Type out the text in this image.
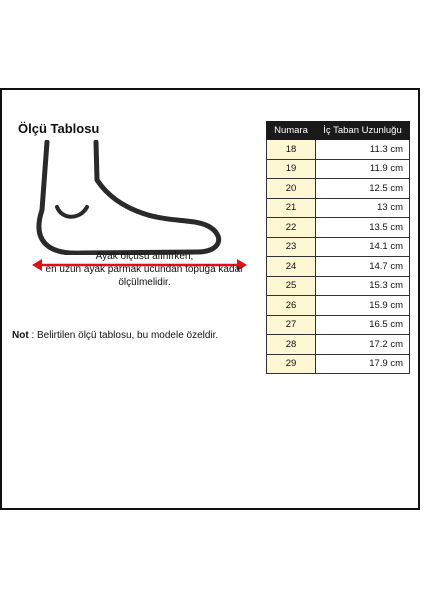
Ölçü Tablosu
Ayak ölçüsü alınırken;
en uzun ayak parmak ucundan topuğa kadar
ölçülmelidir.
Not : Belirtilen ölçü tablosu, bu modele özeldir.
Numara	İç Taban Uzunluğu
18	11.3 cm
19	11.9 cm
20	12.5 cm
21	13 cm
22	13.5 cm
23	14.1 cm
24	14.7 cm
25	15.3 cm
26	15.9 cm
27	16.5 cm
28	17.2 cm
29	17.9 cm
